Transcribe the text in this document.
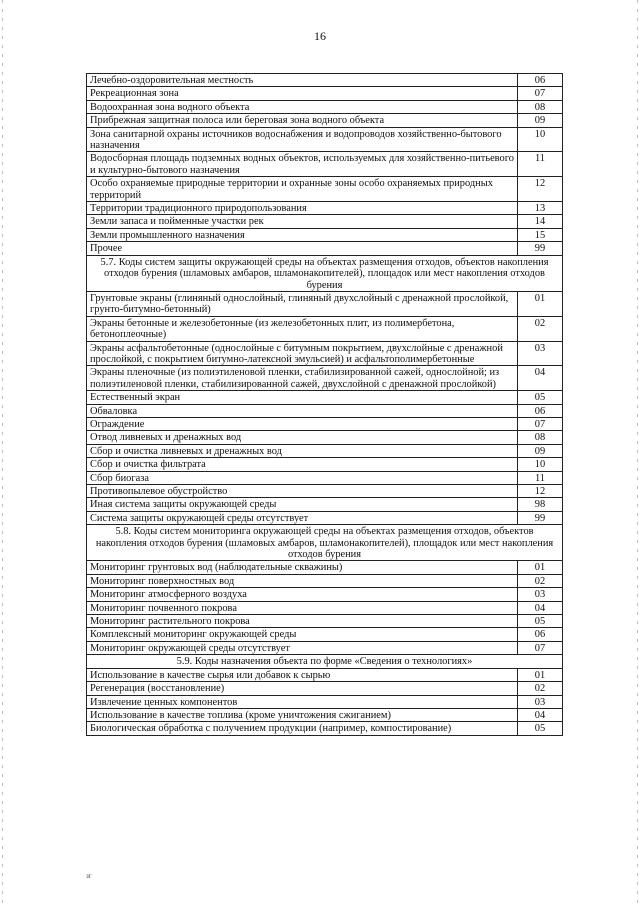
16
Лечебно-оздоровительная местность	06
Рекреационная зона	07
Водоохранная зона водного объекта	08
Прибрежная защитная полоса или береговая зона водного объекта	09
Зона санитарной охраны источников водоснабжения и водопроводов хозяйственно-бытового назначения	10
Водосборная площадь подземных водных объектов, используемых для хозяйственно-питьевого и культурно-бытового назначения	11
Особо охраняемые природные территории и охранные зоны особо охраняемых природных территорий	12
Территории традиционного природопользования	13
Земли запаса и пойменные участки рек	14
Земли промышленного назначения	15
Прочее	99
5.7. Коды систем защиты окружающей среды на объектах размещения отходов, объектов накопления отходов бурения (шламовых амбаров, шламонакопителей), площадок или мест накопления отходов бурения	
Грунтовые экраны (глиняный однослойный, глиняный двухслойный с дренажной прослойкой, грунто-битумно-бетонный)	01
Экраны бетонные и железобетонные (из железобетонных плит, из полимербетона, бетоноплеочные)	02
Экраны асфальтобетонные (однослойные с битумным покрытием, двухслойные с дренажной прослойкой, с покрытием битумно-латексной эмульсией) и асфальтополимербетонные	03
Экраны пленочные (из полиэтиленовой пленки, стабилизированной сажей, однослойной; из полиэтиленовой пленки, стабилизированной сажей, двухслойной с дренажной прослойкой)	04
Естественный экран	05
Обваловка	06
Ограждение	07
Отвод ливневых и дренажных вод	08
Сбор и очистка ливневых и дренажных вод	09
Сбор и очистка фильтрата	10
Сбор биогаза	11
Противопылевое обустройство	12
Иная система защиты окружающей среды	98
Система защиты окружающей среды отсутствует	99
5.8. Коды систем мониторинга окружающей среды на объектах размещения отходов, объектов накопления отходов бурения (шламовых амбаров, шламонакопителей), площадок или мест накопления отходов бурения	
Мониторинг грунтовых вод (наблюдательные скважины)	01
Мониторинг поверхностных вод	02
Мониторинг атмосферного воздуха	03
Мониторинг почвенного покрова	04
Мониторинг растительного покрова	05
Комплексный мониторинг окружающей среды	06
Мониторинг окружающей среды отсутствует	07
5.9. Коды назначения объекта по форме «Сведения о технологиях»	
Использование в качестве сырья или добавок к сырью	01
Регенерация (восстановление)	02
Извлечение ценных компонентов	03
Использование в качестве топлива (кроме уничтожения сжиганием)	04
Биологическая обработка с получением продукции (например, компостирование)	05
зг
